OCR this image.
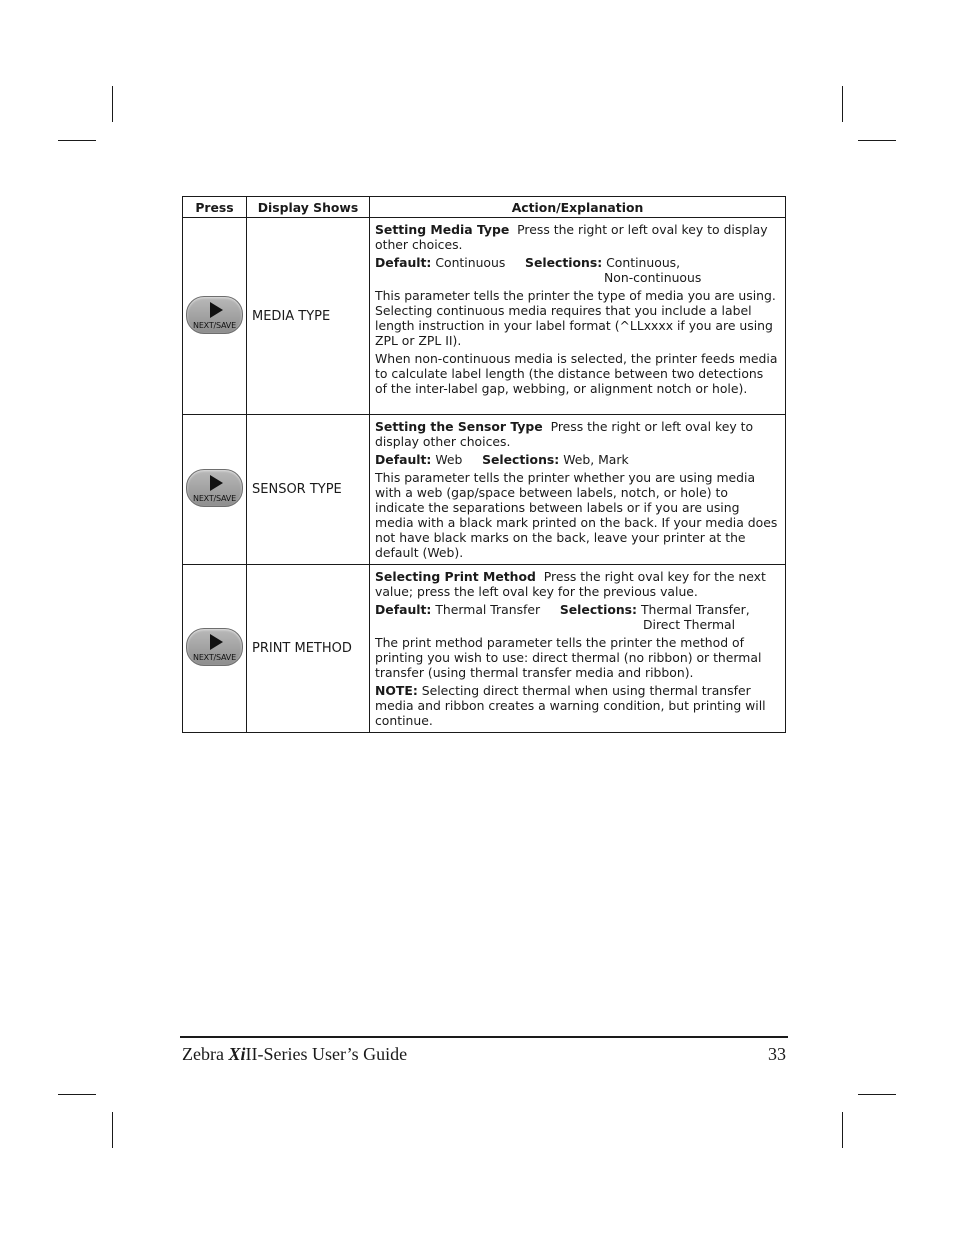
Press	Display Shows	Action/Explanation

NEXT/SAVE	MEDIA TYPE	Setting Media Type Press the right or left oval key to display other choices.

Default: Continuous Selections: Continuous,
Non-continuous

This parameter tells the printer the type of media you are using. Selecting continuous media requires that you include a label length instruction in your label format (^LLxxxx if you are using ZPL or ZPL II).

When non-continuous media is selected, the printer feeds media to calculate label length (the distance between two detections of the inter-label gap, webbing, or alignment notch or hole).

NEXT/SAVE	SENSOR TYPE	Setting the Sensor Type Press the right or left oval key to display other choices.

Default: Web Selections: Web, Mark

This parameter tells the printer whether you are using media with a web (gap/space between labels, notch, or hole) to indicate the separations between labels or if you are using media with a black mark printed on the back. If your media does not have black marks on the back, leave your printer at the default (Web).

NEXT/SAVE	PRINT METHOD	Selecting Print Method Press the right oval key for the next value; press the left oval key for the previous value.

Default: Thermal Transfer Selections: Thermal Transfer,
Direct Thermal

The print method parameter tells the printer the method of printing you wish to use: direct thermal (no ribbon) or thermal transfer (using thermal transfer media and ribbon).

NOTE: Selecting direct thermal when using thermal transfer media and ribbon creates a warning condition, but printing will continue.

Zebra XiII-Series User’s Guide	33
